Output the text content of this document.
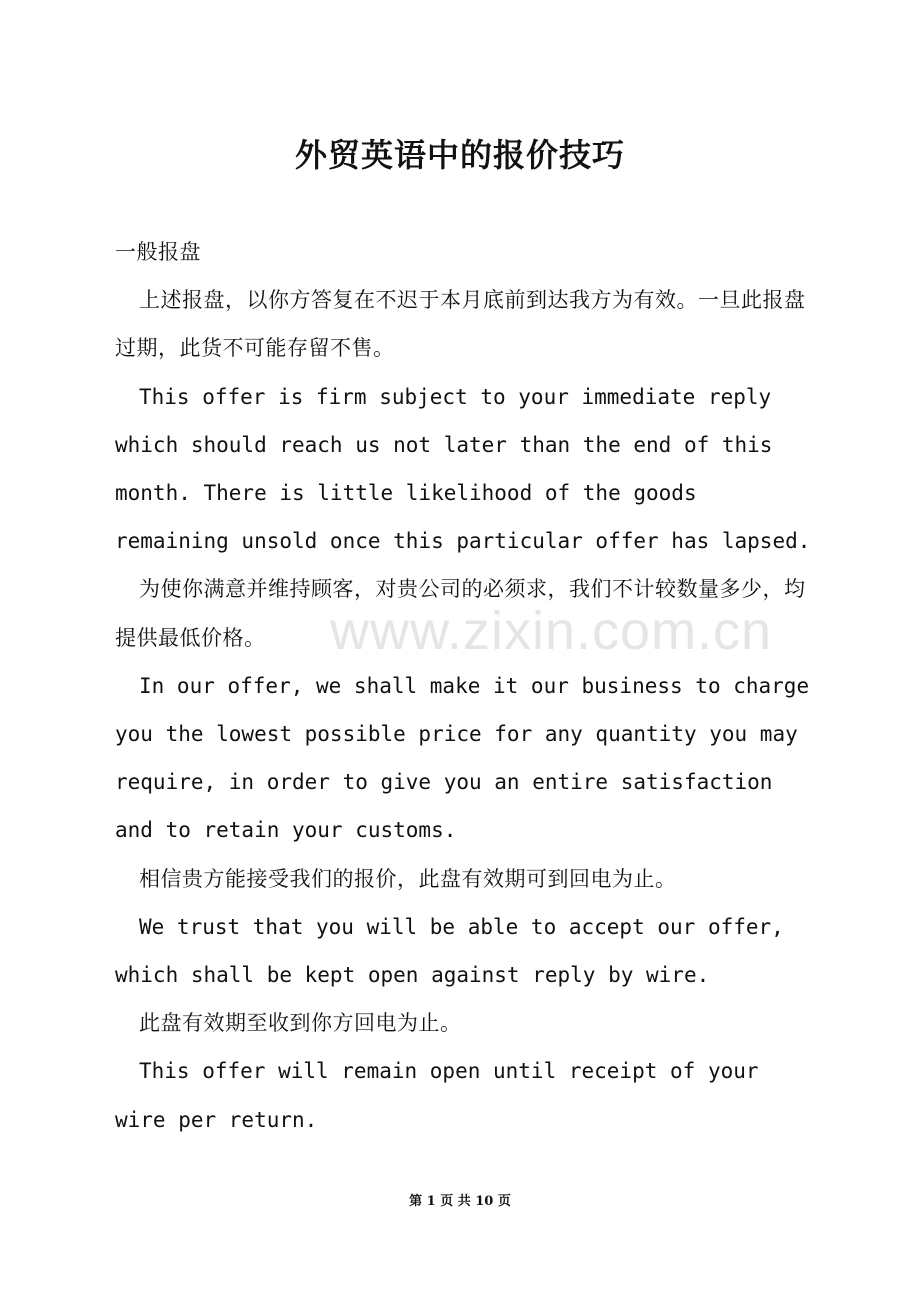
外贸英语中的报价技巧

一般报盘

上述报盘，以你方答复在不迟于本月底前到达我方为有效。一旦此报盘过期，此货不可能存留不售。

This offer is firm subject to your immediate reply which should reach us not later than the end of this month. There is little likelihood of the goods remaining unsold once this particular offer has lapsed.

为使你满意并维持顾客，对贵公司的必须求，我们不计较数量多少，均提供最低价格。

In our offer, we shall make it our business to charge you the lowest possible price for any quantity you may require, in order to give you an entire satisfaction and to retain your customs.

相信贵方能接受我们的报价，此盘有效期可到回电为止。

We trust that you will be able to accept our offer, which shall be kept open against reply by wire.

此盘有效期至收到你方回电为止。

This offer will remain open until receipt of your wire per return.

www.zixin.com.cn
第 1 页 共 10 页
